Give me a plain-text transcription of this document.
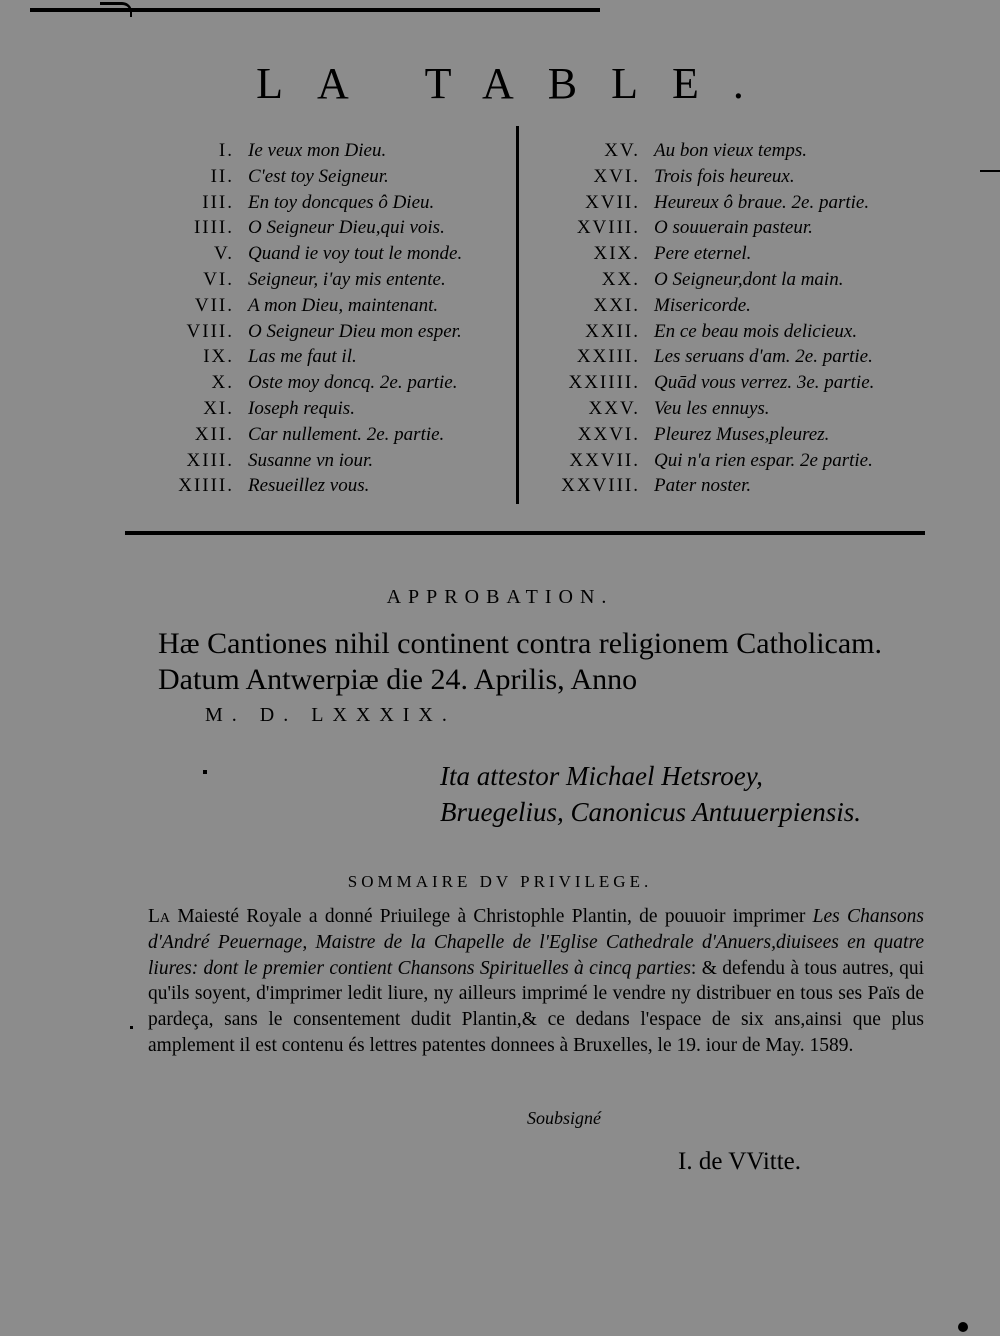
LA TABLE.
I. Ie veux mon Dieu.
II. C'est toy Seigneur.
III. En toy doncques ô Dieu.
IIII. O Seigneur Dieu,qui vois.
V. Quand ie voy tout le monde.
VI. Seigneur, i'ay mis entente.
VII. A mon Dieu, maintenant.
VIII. O Seigneur Dieu mon esper.
IX. Las me faut il.
X. Oste moy doncq. 2e. partie.
XI. Ioseph requis.
XII. Car nullement. 2e. partie.
XIII. Susanne vn iour.
XIIII. Resueillez vous.
XV. Au bon vieux temps.
XVI. Trois fois heureux.
XVII. Heureux ô braue. 2e. partie.
XVIII. O souuerain pasteur.
XIX. Pere eternel.
XX. O Seigneur,dont la main.
XXI. Misericorde.
XXII. En ce beau mois delicieux.
XXIII. Les seruans d'am. 2e. partie.
XXIIII. Quād vous verrez. 3e. partie.
XXV. Veu les ennuys.
XXVI. Pleurez Muses,pleurez.
XXVII. Qui n'a rien espar. 2e partie.
XXVIII. Pater noster.
APPROBATION.
Hæ Cantiones nihil continent contra religionem Catholicam. Datum Antwerpiæ die 24. Aprilis, Anno
M. D. LXXXIX.
Ita attestor Michael Hetsroey, Bruegelius, Canonicus Antuuerpiensis.
SOMMAIRE DV PRIVILEGE.
La Maiesté Royale a donné Priuilege à Christophle Plantin, de pouuoir imprimer Les Chansons d'André Peuernage, Maistre de la Chapelle de l'Eglise Cathedrale d'Anuers,diuisees en quatre liures: dont le premier contient Chansons Spirituelles à cincq parties: & defendu à tous autres, qui qu'ils soyent, d'imprimer ledit liure, ny ailleurs imprimé le vendre ny distribuer en tous ses Païs de pardeça, sans le consentement dudit Plantin,& ce dedans l'espace de six ans,ainsi que plus amplement il est contenu és lettres patentes donnees à Bruxelles, le 19. iour de May. 1589.
Soubsigné
I. de VVitte.
